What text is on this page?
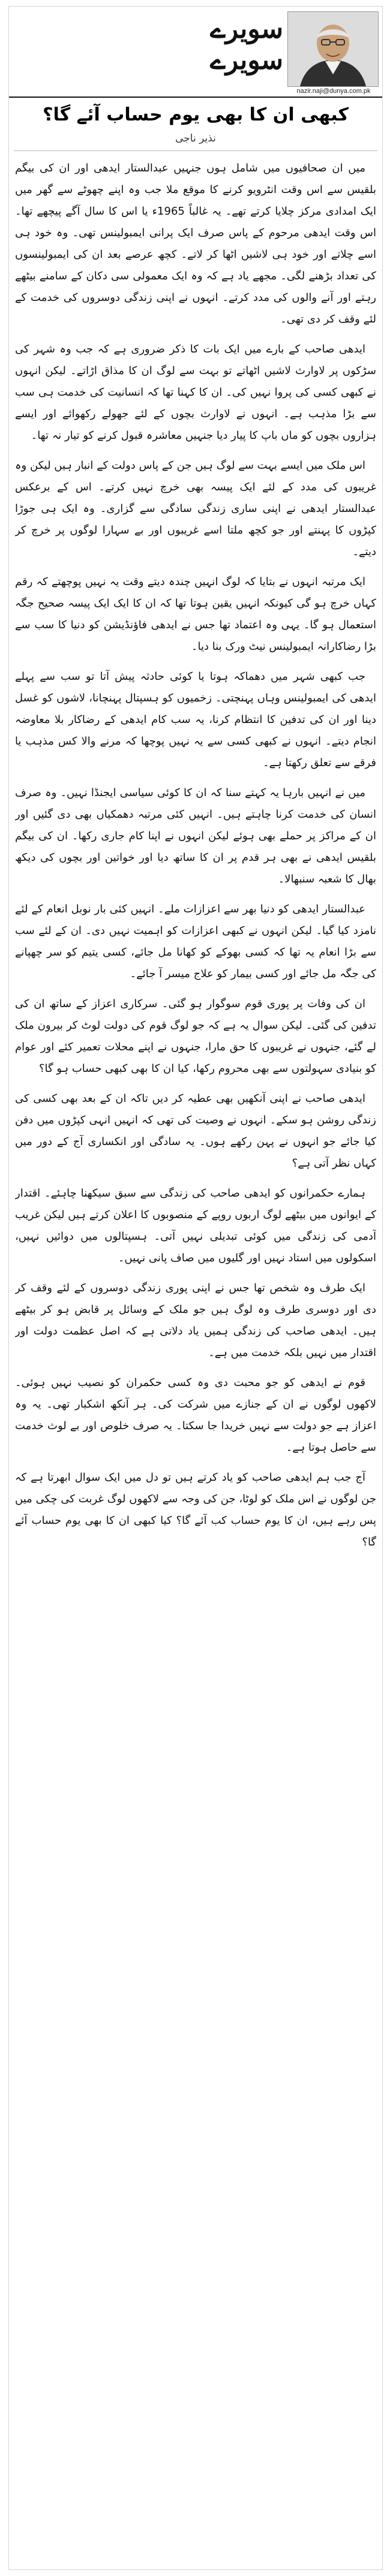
سویرے سویرے
nazir.naji@dunya.com.pk
کبھی ان کا بھی یوم حساب آئے گا؟
نذیر ناجی

میں ان صحافیوں میں شامل ہوں جنہیں عبدالستار ایدھی اور ان کی بیگم بلقیس سے اس وقت انٹرویو کرنے کا موقع ملا جب وہ اپنے چھوٹے سے گھر میں ایک امدادی مرکز چلایا کرتے تھے۔ یہ غالباً 1965ء یا اس کا سال آگے پیچھے تھا۔ اس وقت ایدھی مرحوم کے پاس صرف ایک پرانی ایمبولینس تھی۔ وہ خود ہی اسے چلاتے اور خود ہی لاشیں اٹھا کر لاتے۔ کچھ عرصے بعد ان کی ایمبولینسوں کی تعداد بڑھنے لگی۔ مجھے یاد ہے کہ وہ ایک معمولی سی دکان کے سامنے بیٹھے رہتے اور آنے والوں کی مدد کرتے۔ انہوں نے اپنی زندگی دوسروں کی خدمت کے لئے وقف کر دی تھی۔

ایدھی صاحب کے بارے میں ایک بات کا ذکر ضروری ہے کہ جب وہ شہر کی سڑکوں پر لاوارث لاشیں اٹھاتے تو بہت سے لوگ ان کا مذاق اڑاتے۔ لیکن انہوں نے کبھی کسی کی پروا نہیں کی۔ ان کا کہنا تھا کہ انسانیت کی خدمت ہی سب سے بڑا مذہب ہے۔ انہوں نے لاوارث بچوں کے لئے جھولے رکھوائے اور ایسے ہزاروں بچوں کو ماں باپ کا پیار دیا جنہیں معاشرہ قبول کرنے کو تیار نہ تھا۔

اس ملک میں ایسے بہت سے لوگ ہیں جن کے پاس دولت کے انبار ہیں لیکن وہ غریبوں کی مدد کے لئے ایک پیسہ بھی خرچ نہیں کرتے۔ اس کے برعکس عبدالستار ایدھی نے اپنی ساری زندگی سادگی سے گزاری۔ وہ ایک ہی جوڑا کپڑوں کا پہنتے اور جو کچھ ملتا اسے غریبوں اور بے سہارا لوگوں پر خرچ کر دیتے۔

ایک مرتبہ انہوں نے بتایا کہ لوگ انہیں چندہ دیتے وقت یہ نہیں پوچھتے کہ رقم کہاں خرچ ہو گی کیونکہ انہیں یقین ہوتا تھا کہ ان کا ایک ایک پیسہ صحیح جگہ استعمال ہو گا۔ یہی وہ اعتماد تھا جس نے ایدھی فاؤنڈیشن کو دنیا کا سب سے بڑا رضاکارانہ ایمبولینس نیٹ ورک بنا دیا۔

جب کبھی شہر میں دھماکہ ہوتا یا کوئی حادثہ پیش آتا تو سب سے پہلے ایدھی کی ایمبولینس وہاں پہنچتی۔ زخمیوں کو ہسپتال پہنچانا، لاشوں کو غسل دینا اور ان کی تدفین کا انتظام کرنا، یہ سب کام ایدھی کے رضاکار بلا معاوضہ انجام دیتے۔ انہوں نے کبھی کسی سے یہ نہیں پوچھا کہ مرنے والا کس مذہب یا فرقے سے تعلق رکھتا ہے۔

میں نے انہیں بارہا یہ کہتے سنا کہ ان کا کوئی سیاسی ایجنڈا نہیں۔ وہ صرف انسان کی خدمت کرنا چاہتے ہیں۔ انہیں کئی مرتبہ دھمکیاں بھی دی گئیں اور ان کے مراکز پر حملے بھی ہوئے لیکن انہوں نے اپنا کام جاری رکھا۔ ان کی بیگم بلقیس ایدھی نے بھی ہر قدم پر ان کا ساتھ دیا اور خواتین اور بچوں کی دیکھ بھال کا شعبہ سنبھالا۔

عبدالستار ایدھی کو دنیا بھر سے اعزازات ملے۔ انہیں کئی بار نوبل انعام کے لئے نامزد کیا گیا۔ لیکن انہوں نے کبھی اعزازات کو اہمیت نہیں دی۔ ان کے لئے سب سے بڑا انعام یہ تھا کہ کسی بھوکے کو کھانا مل جائے، کسی یتیم کو سر چھپانے کی جگہ مل جائے اور کسی بیمار کو علاج میسر آ جائے۔

ان کی وفات پر پوری قوم سوگوار ہو گئی۔ سرکاری اعزاز کے ساتھ ان کی تدفین کی گئی۔ لیکن سوال یہ ہے کہ جو لوگ قوم کی دولت لوٹ کر بیرون ملک لے گئے، جنہوں نے غریبوں کا حق مارا، جنہوں نے اپنے محلات تعمیر کئے اور عوام کو بنیادی سہولتوں سے بھی محروم رکھا، کیا ان کا بھی کبھی حساب ہو گا؟

ایدھی صاحب نے اپنی آنکھیں بھی عطیہ کر دیں تاکہ ان کے بعد بھی کسی کی زندگی روشن ہو سکے۔ انہوں نے وصیت کی تھی کہ انہیں انہی کپڑوں میں دفن کیا جائے جو انہوں نے پہن رکھے ہوں۔ یہ سادگی اور انکساری آج کے دور میں کہاں نظر آتی ہے؟

ہمارے حکمرانوں کو ایدھی صاحب کی زندگی سے سبق سیکھنا چاہئے۔ اقتدار کے ایوانوں میں بیٹھے لوگ اربوں روپے کے منصوبوں کا اعلان کرتے ہیں لیکن غریب آدمی کی زندگی میں کوئی تبدیلی نہیں آتی۔ ہسپتالوں میں دوائیں نہیں، اسکولوں میں استاد نہیں اور گلیوں میں صاف پانی نہیں۔

ایک طرف وہ شخص تھا جس نے اپنی پوری زندگی دوسروں کے لئے وقف کر دی اور دوسری طرف وہ لوگ ہیں جو ملک کے وسائل پر قابض ہو کر بیٹھے ہیں۔ ایدھی صاحب کی زندگی ہمیں یاد دلاتی ہے کہ اصل عظمت دولت اور اقتدار میں نہیں بلکہ خدمت میں ہے۔

قوم نے ایدھی کو جو محبت دی وہ کسی حکمران کو نصیب نہیں ہوئی۔ لاکھوں لوگوں نے ان کے جنازے میں شرکت کی۔ ہر آنکھ اشکبار تھی۔ یہ وہ اعزاز ہے جو دولت سے نہیں خریدا جا سکتا۔ یہ صرف خلوص اور بے لوث خدمت سے حاصل ہوتا ہے۔

آج جب ہم ایدھی صاحب کو یاد کرتے ہیں تو دل میں ایک سوال ابھرتا ہے کہ جن لوگوں نے اس ملک کو لوٹا، جن کی وجہ سے لاکھوں لوگ غربت کی چکی میں پس رہے ہیں، ان کا یوم حساب کب آئے گا؟ کیا کبھی ان کا بھی یوم حساب آئے گا؟
